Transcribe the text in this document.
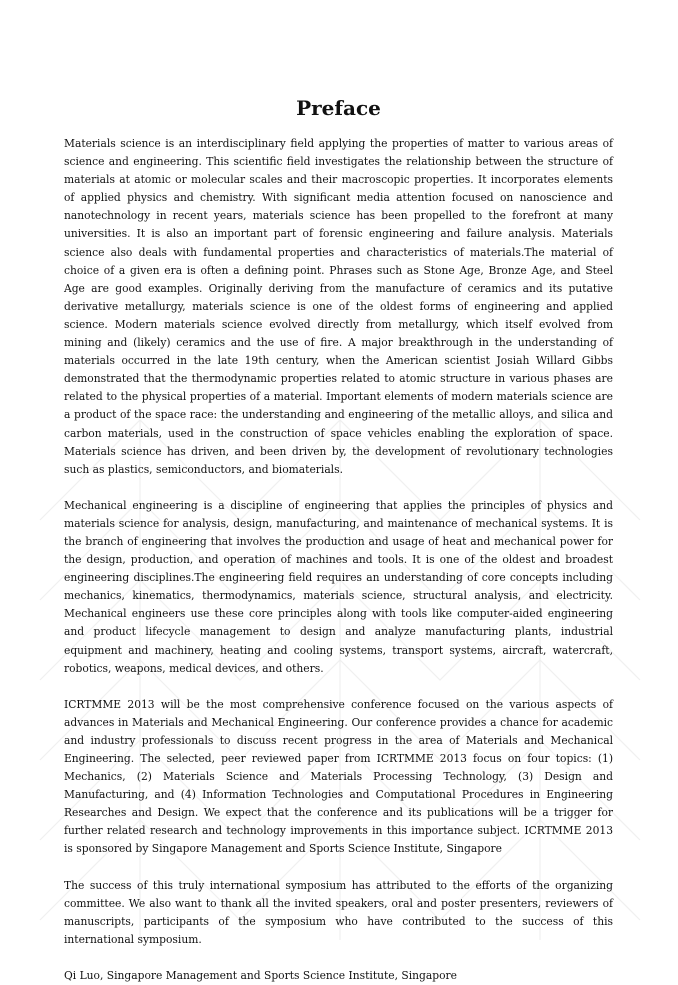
Preface

Materials science is an interdisciplinary field applying the properties of matter to various areas of science and engineering. This scientific field investigates the relationship between the structure of materials at atomic or molecular scales and their macroscopic properties. It incorporates elements of applied physics and chemistry. With significant media attention focused on nanoscience and nanotechnology in recent years, materials science has been propelled to the forefront at many universities. It is also an important part of forensic engineering and failure analysis. Materials science also deals with fundamental properties and characteristics of materials.The material of choice of a given era is often a defining point. Phrases such as Stone Age, Bronze Age, and Steel Age are good examples. Originally deriving from the manufacture of ceramics and its putative derivative metallurgy, materials science is one of the oldest forms of engineering and applied science. Modern materials science evolved directly from metallurgy, which itself evolved from mining and (likely) ceramics and the use of fire. A major breakthrough in the understanding of materials occurred in the late 19th century, when the American scientist Josiah Willard Gibbs demonstrated that the thermodynamic properties related to atomic structure in various phases are related to the physical properties of a material. Important elements of modern materials science are a product of the space race: the understanding and engineering of the metallic alloys, and silica and carbon materials, used in the construction of space vehicles enabling the exploration of space. Materials science has driven, and been driven by, the development of revolutionary technologies such as plastics, semiconductors, and biomaterials.

Mechanical engineering is a discipline of engineering that applies the principles of physics and materials science for analysis, design, manufacturing, and maintenance of mechanical systems. It is the branch of engineering that involves the production and usage of heat and mechanical power for the design, production, and operation of machines and tools. It is one of the oldest and broadest engineering disciplines.The engineering field requires an understanding of core concepts including mechanics, kinematics, thermodynamics, materials science, structural analysis, and electricity. Mechanical engineers use these core principles along with tools like computer-aided engineering and product lifecycle management to design and analyze manufacturing plants, industrial equipment and machinery, heating and cooling systems, transport systems, aircraft, watercraft, robotics, weapons, medical devices, and others.

ICRTMME 2013 will be the most comprehensive conference focused on the various aspects of advances in Materials and Mechanical Engineering. Our conference provides a chance for academic and industry professionals to discuss recent progress in the area of Materials and Mechanical Engineering. The selected, peer reviewed paper from ICRTMME 2013 focus on four topics: (1) Mechanics, (2) Materials Science and Materials Processing Technology, (3) Design and Manufacturing, and (4) Information Technologies and Computational Procedures in Engineering Researches and Design. We expect that the conference and its publications will be a trigger for further related research and technology improvements in this importance subject. ICRTMME 2013 is sponsored by Singapore Management and Sports Science Institute, Singapore

The success of this truly international symposium has attributed to the efforts of the organizing committee. We also want to thank all the invited speakers, oral and poster presenters, reviewers of manuscripts, participants of the symposium who have contributed to the success of this international symposium.

Qi Luo, Singapore Management and Sports Science Institute, Singapore
